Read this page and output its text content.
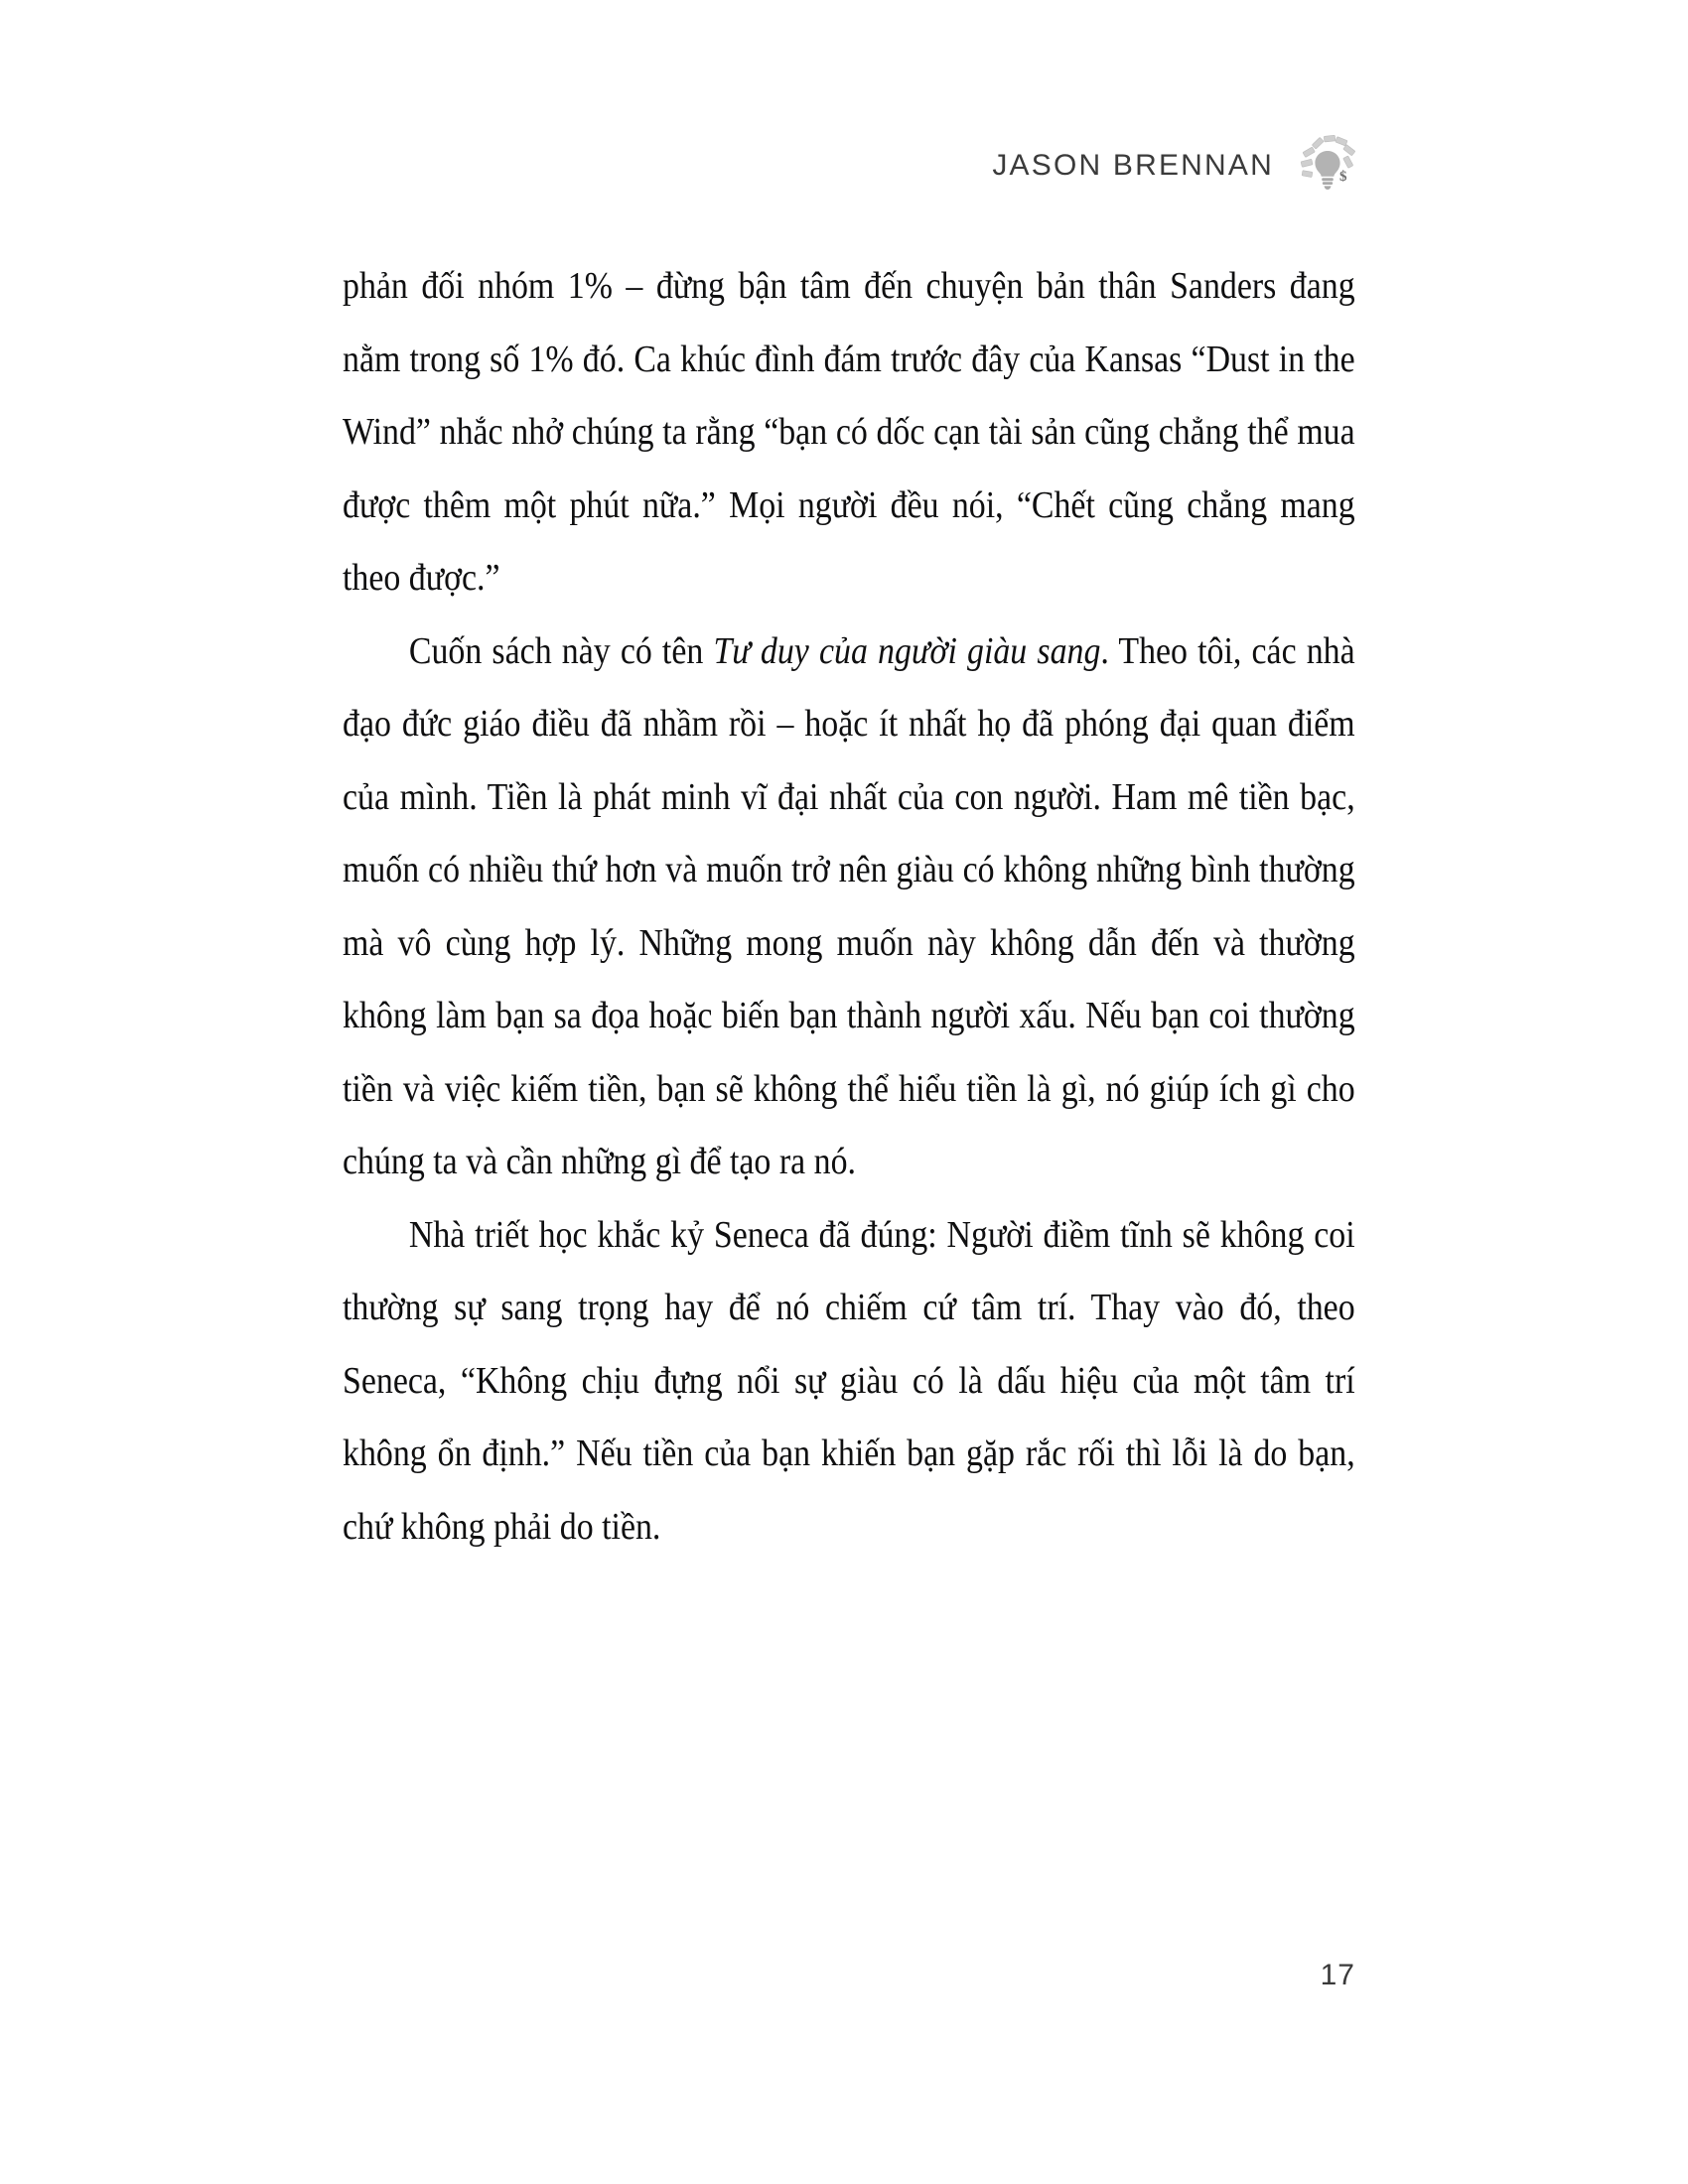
JASON BRENNAN	$

phản đối nhóm 1% – đừng bận tâm đến chuyện bản thân Sanders đang nằm trong số 1% đó. Ca khúc đình đám trước đây của Kansas “Dust in the Wind” nhắc nhở chúng ta rằng “bạn có dốc cạn tài sản cũng chẳng thể mua được thêm một phút nữa.” Mọi người đều nói, “Chết cũng chẳng mang theo được.”

Cuốn sách này có tên Tư duy của người giàu sang. Theo tôi, các nhà đạo đức giáo điều đã nhầm rồi – hoặc ít nhất họ đã phóng đại quan điểm của mình. Tiền là phát minh vĩ đại nhất của con người. Ham mê tiền bạc, muốn có nhiều thứ hơn và muốn trở nên giàu có không những bình thường mà vô cùng hợp lý. Những mong muốn này không dẫn đến và thường không làm bạn sa đọa hoặc biến bạn thành người xấu. Nếu bạn coi thường tiền và việc kiếm tiền, bạn sẽ không thể hiểu tiền là gì, nó giúp ích gì cho chúng ta và cần những gì để tạo ra nó.

Nhà triết học khắc kỷ Seneca đã đúng: Người điềm tĩnh sẽ không coi thường sự sang trọng hay để nó chiếm cứ tâm trí. Thay vào đó, theo Seneca, “Không chịu đựng nổi sự giàu có là dấu hiệu của một tâm trí không ổn định.” Nếu tiền của bạn khiến bạn gặp rắc rối thì lỗi là do bạn, chứ không phải do tiền.

17
